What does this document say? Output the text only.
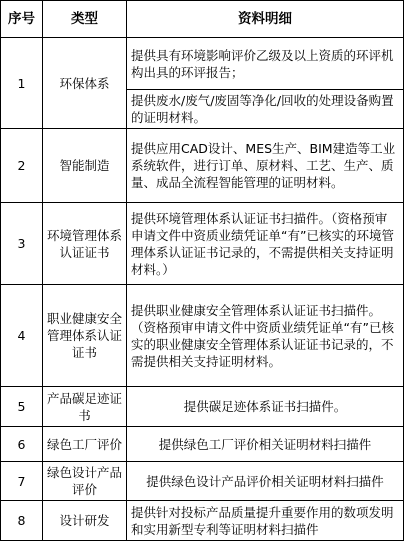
序号	类型	资料明细
1	环保体系	提供具有环境影响评价乙级及以上资质的环评机构出具的环评报告；
		提供废水/废气/废固等净化/回收的处理设备购置的证明材料。
2	智能制造	提供应用CAD设计、MES生产、BIM建造等工业系统软件，进行订单、原材料、工艺、生产、质量、成品全流程智能管理的证明材料。
3	环境管理体系认证证书	提供环境管理体系认证证书扫描件。（资格预审申请文件中资质业绩凭证单“有”已核实的环境管理体系认证证书记录的，不需提供相关支持证明材料。）
4	职业健康安全管理体系认证证书	提供职业健康安全管理体系认证证书扫描件。（资格预审申请文件中资质业绩凭证单“有”已核实的职业健康安全管理体系认证证书记录的，不需提供相关支持证明材料。
5	产品碳足迹证书	提供碳足迹体系证书扫描件。
6	绿色工厂评价	提供绿色工厂评价相关证明材料扫描件
7	绿色设计产品评价	提供绿色设计产品评价相关证明材料扫描件
8	设计研发	提供针对投标产品质量提升重要作用的数项发明和实用新型专利等证明材料扫描件
